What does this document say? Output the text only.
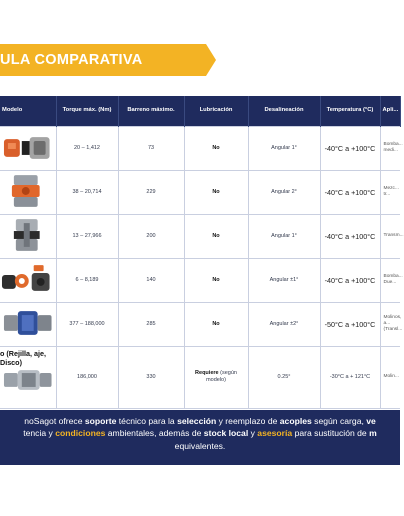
ULA COMPARATIVA
Modelo	Torque máx. (Nm)	Barreno máximo.	Lubricación	Desalineación	Temperatura (°C)	Apli...
	20 – 1,412	73	No	Angular 1°	-40°C a +100°C	Bomba... medi...
	38 – 20,714	229	No	Angular 2°	-40°C a +100°C	Mezc... tr...
	13 – 27,966	200	No	Angular 1°	-40°C a +100°C	Transm...
	6 – 8,189	140	No	Angular ±1°	-40°C a +100°C	Bomba... Due...
	377 – 188,000	285	No	Angular ±2°	-50°C a +100°C	Molinos, a... (Transl...

o (Rejilla, aje, Disco)	186,000	330	Requiere (según modelo)	0.25°	-30°C a + 121°C	Molin...
noSagot ofrece soporte técnico para la selección y reemplazo de acoples según carga, ve
tencia y condiciones ambientales, además de stock local y asesoría para sustitución de m
equivalentes.
